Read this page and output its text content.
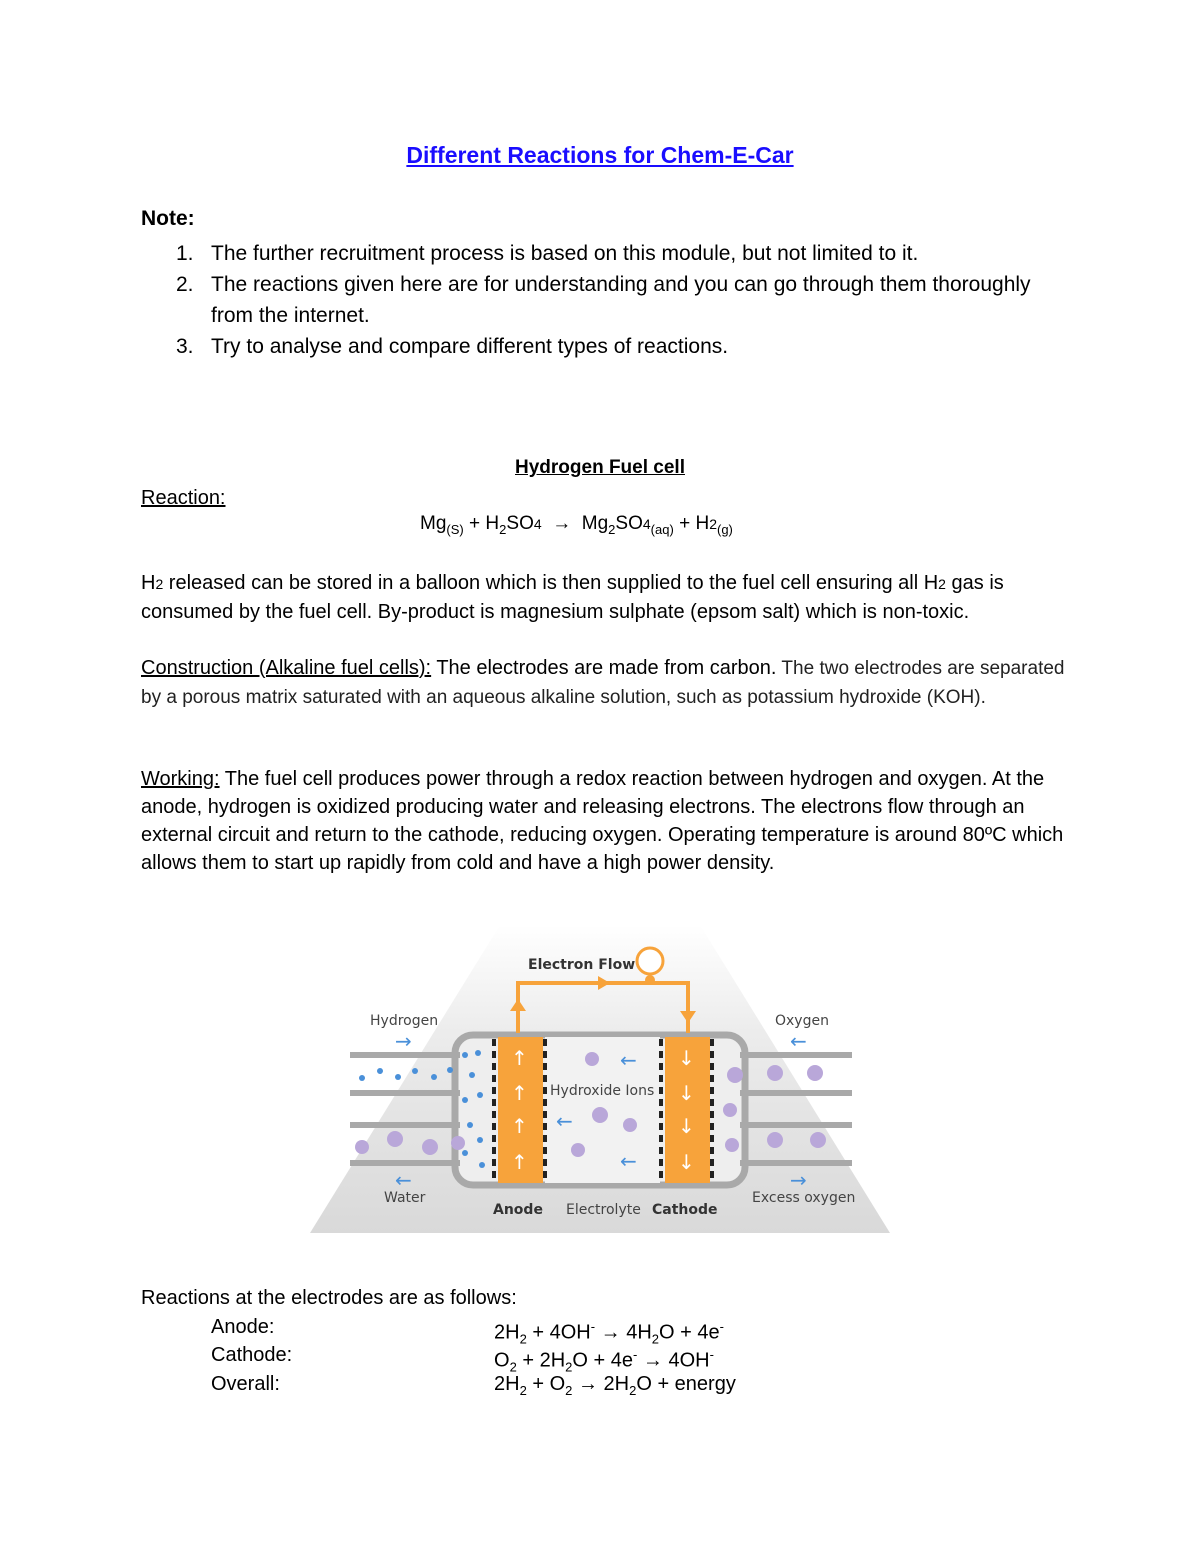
Different Reactions for Chem-E-Car
Note:
1. The further recruitment process is based on this module, but not limited to it.
2. The reactions given here are for understanding and you can go through them thoroughly from the internet.
3. Try to analyse and compare different types of reactions.
Hydrogen Fuel cell
Reaction:
$Mg_{(S)} + H_2SO4 \to Mg_2SO4_{(aq)} + H2_{(g)}$
H2 released can be stored in a balloon which is then supplied to the fuel cell ensuring all H2 gas is consumed by the fuel cell. By-product is magnesium sulphate (epsom salt) which is non-toxic.
Construction (Alkaline fuel cells): The electrodes are made from carbon. The two electrodes are separated by a porous matrix saturated with an aqueous alkaline solution, such as potassium hydroxide (KOH).
Working: The fuel cell produces power through a redox reaction between hydrogen and oxygen. At the anode, hydrogen is oxidized producing water and releasing electrons. The electrons flow through an external circuit and return to the cathode, reducing oxygen. Operating temperature is around 80ºC which allows them to start up rapidly from cold and have a high power density.
↑
↑
↑
↑
↓
↓
↓
↓
Electron Flow
Hydrogen	Oxygen
Hydroxide Ions
Water	Excess oxygen
Anode Electrolyte Cathode
→	←
←	→
←
←
←
Reactions at the electrodes are as follows:
Anode:	$2H_2 + 4OH^- \to 4H_2O + 4e^-$
Cathode:	$O_2 + 2H_2O + 4e^- \to 4OH^-$
Overall:	$2H_2 + O_2 \to 2H_2O$ + energy
